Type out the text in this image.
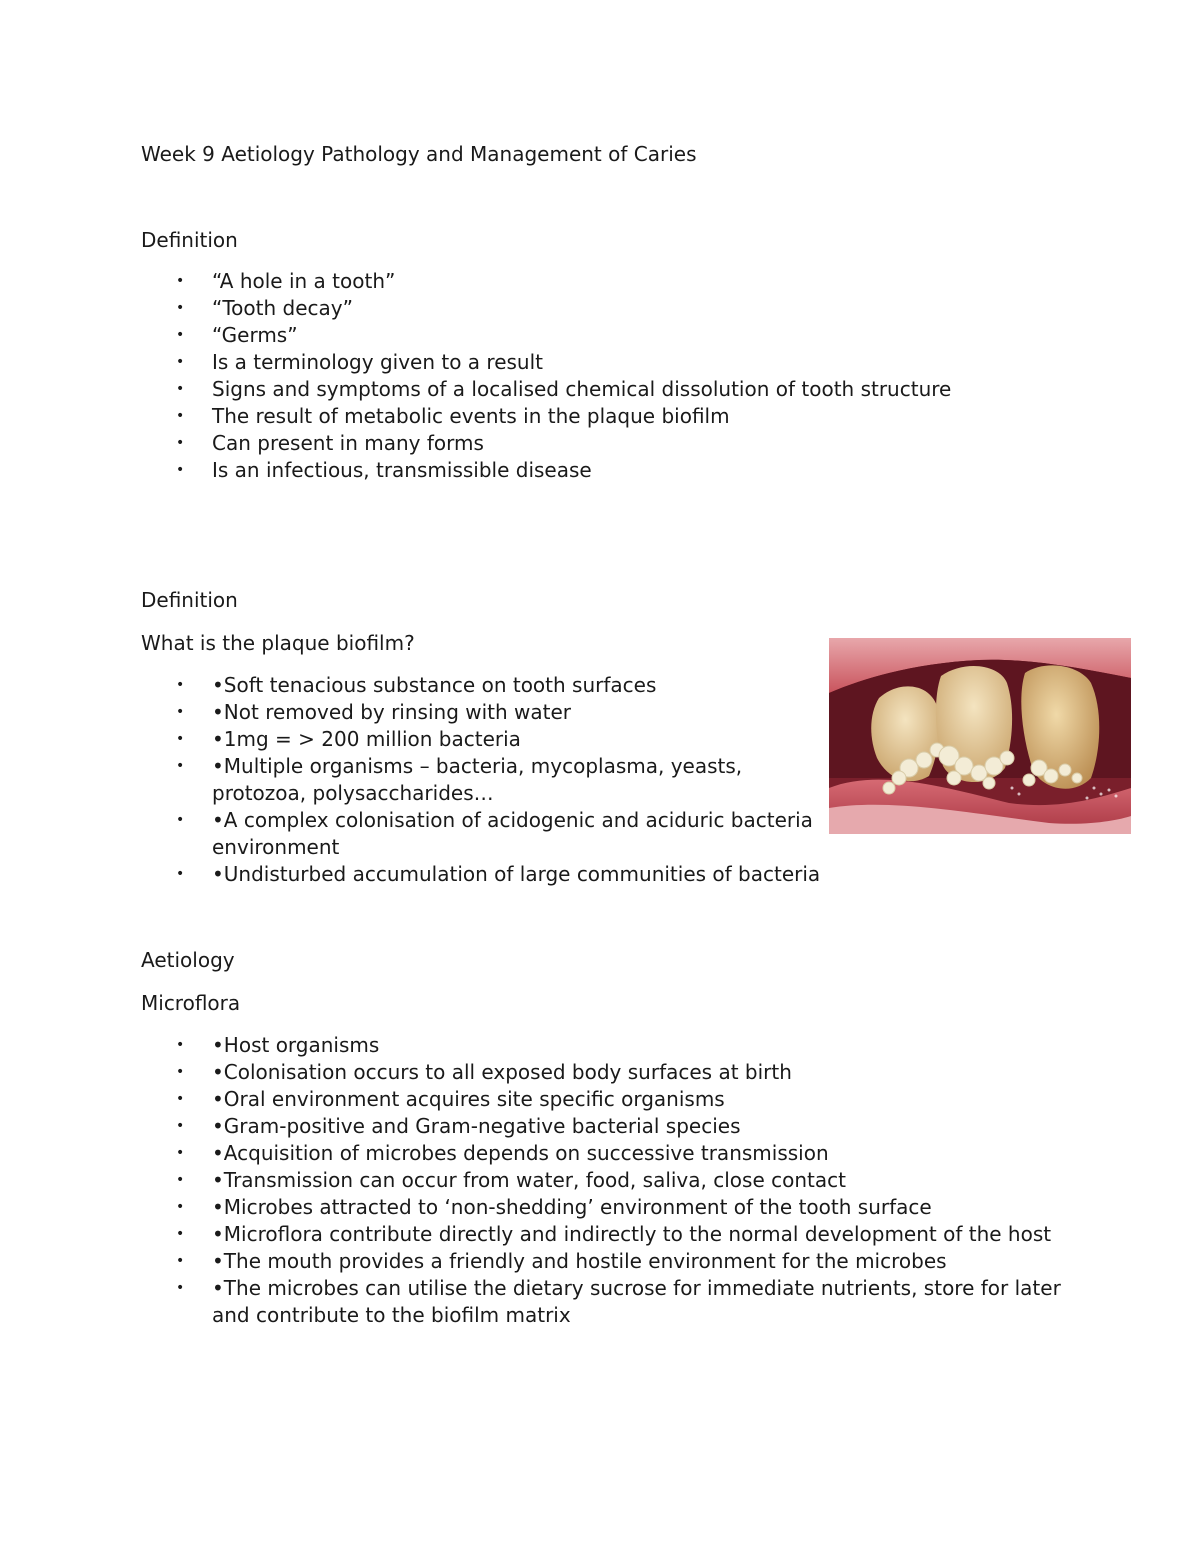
Week 9 Aetiology Pathology and Management of Caries
Definition
• “A hole in a tooth”
• “Tooth decay”
• “Germs”
• Is a terminology given to a result
• Signs and symptoms of a localised chemical dissolution of tooth structure
• The result of metabolic events in the plaque biofilm
• Can present in many forms
• Is an infectious, transmissible disease
Definition
What is the plaque biofilm?
• •Soft tenacious substance on tooth surfaces
• •Not removed by rinsing with water
• •1mg = > 200 million bacteria
• •Multiple organisms – bacteria, mycoplasma, yeasts, protozoa, polysaccharides…
• •A complex colonisation of acidogenic and aciduric bacteria environment
• •Undisturbed accumulation of large communities of bacteria
Aetiology
Microflora
• •Host organisms
• •Colonisation occurs to all exposed body surfaces at birth
• •Oral environment acquires site specific organisms
• •Gram-positive and Gram-negative bacterial species
• •Acquisition of microbes depends on successive transmission
• •Transmission can occur from water, food, saliva, close contact
• •Microbes attracted to ‘non-shedding’ environment of the tooth surface
• •Microflora contribute directly and indirectly to the normal development of the host
• •The mouth provides a friendly and hostile environment for the microbes
• •The microbes can utilise the dietary sucrose for immediate nutrients, store for later and contribute to the biofilm matrix
